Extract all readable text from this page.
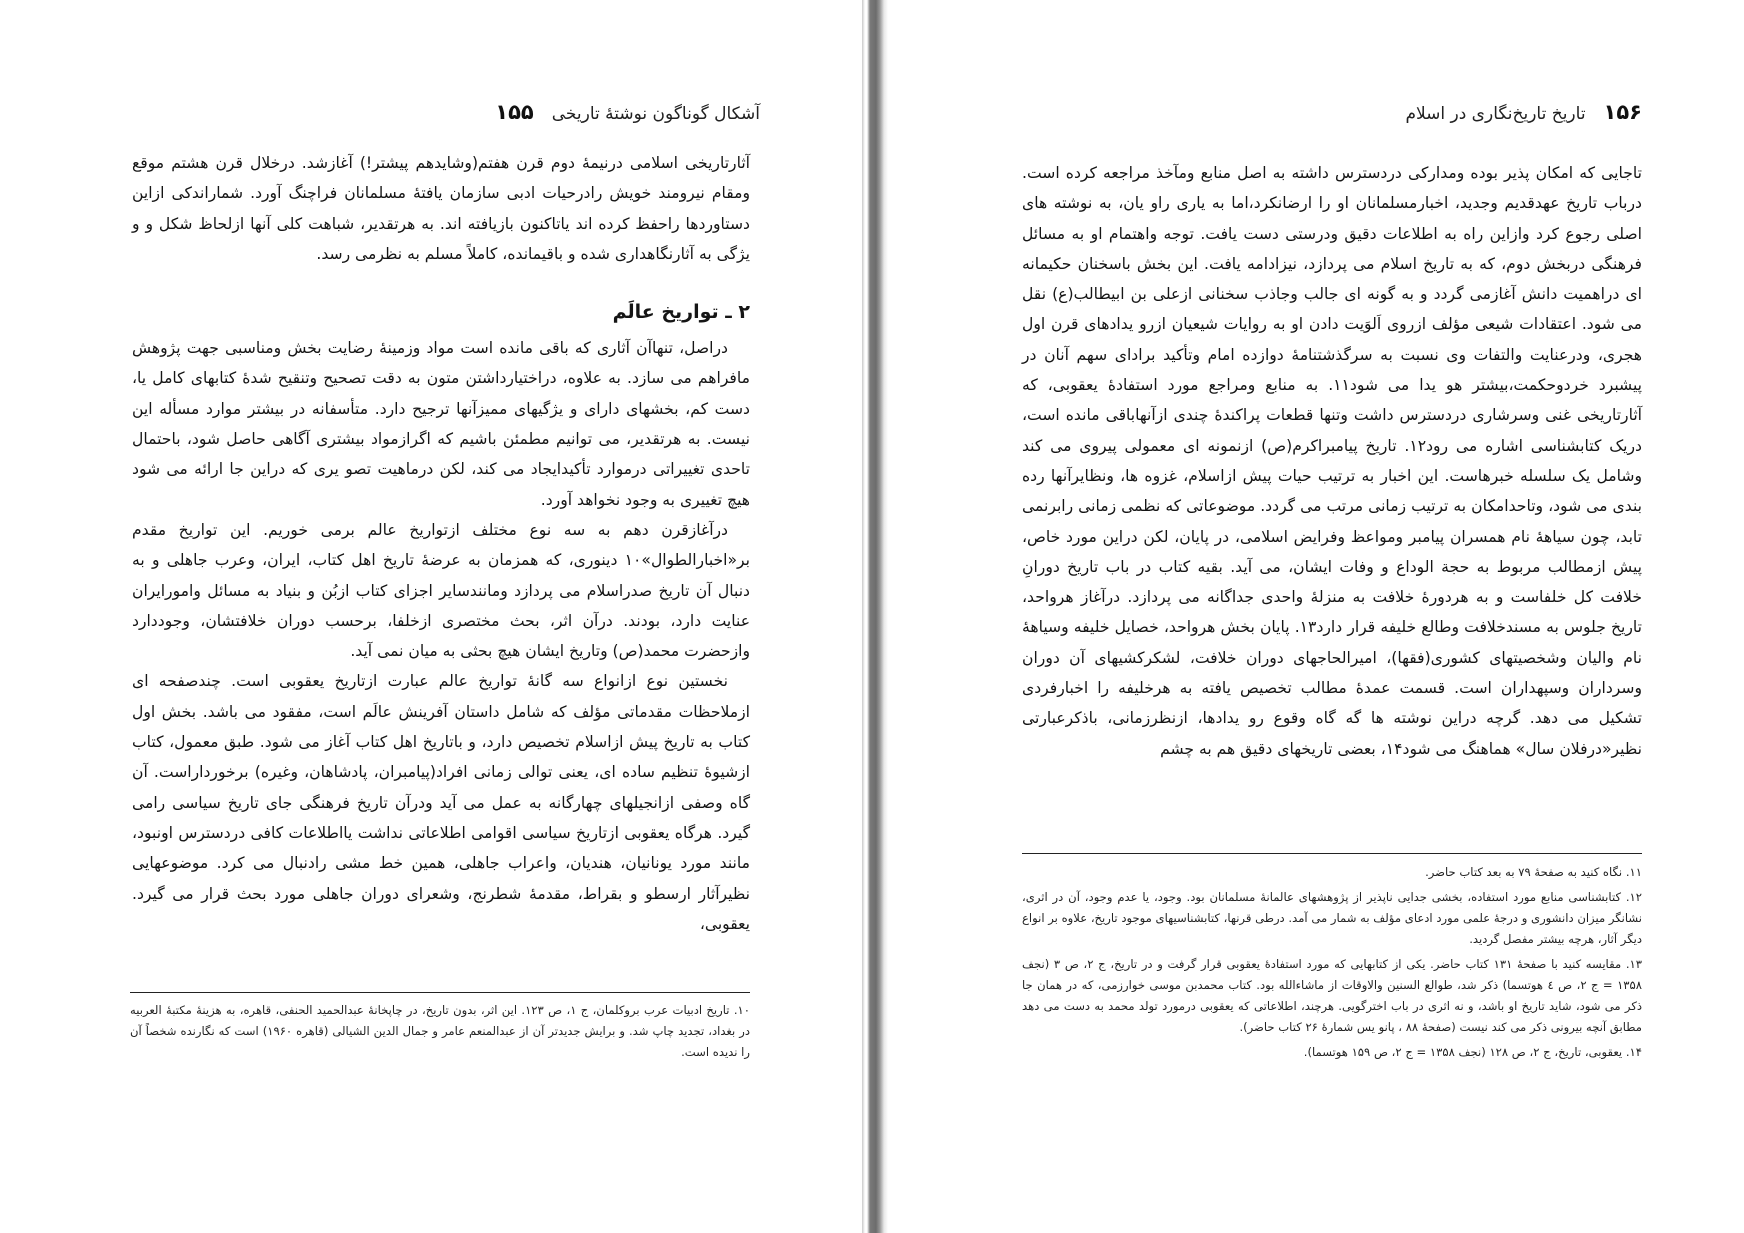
۱۵۵ آشکال گوناگون نوشتهٔ تاریخی

آثارتاریخی اسلامی درنیمهٔ دوم قرن هفتم(وشایدهم پیشتر!) آغازشد. درخلال قرن هشتم موقع ومقام نیرومند خویش رادرحیات ادبی سازمان یافتهٔ مسلمانان فراچنگ آورد. شماراندکی ازاین دستاوردها راحفظ کرده اند یاتاکنون بازیافته اند. به هرتقدیر، شباهت کلی آنها ازلحاظ شکل و و یژگی به آثارنگاهداری شده و باقیمانده، کاملاً مسلم به نظرمی رسد.

۲ ـ تواریخ عالَم

دراصل، تنهاآن آثاری که باقی مانده است مواد وزمینهٔ رضایت بخش ومناسبی جهت پژوهش مافراهم می سازد. به علاوه، دراختیارداشتن متون به دقت تصحیح وتنقیح شدهٔ کتابهای کامل یا، دست کم، بخشهای دارای و یژگیهای ممیزآنها ترجیح دارد. متأسفانه در بیشتر موارد مسأله این نیست. به هرتقدیر، می توانیم مطمئن باشیم که اگرازمواد بیشتری آگاهی حاصل شود، باحتمال تاحدی تغییراتی درموارد تأکیدایجاد می کند، لکن درماهیت تصو یری که دراین جا ارائه می شود هیچ تغییری به وجود نخواهد آورد.

درآغازقرن دهم به سه نوع مختلف ازتواریخ عالم برمی خوریم. این تواریخ مقدم بر«اخبارالطوال»۱۰ دینوری، که همزمان به عرضهٔ تاریخ اهل کتاب، ایران، وعرب جاهلی و به دنبال آن تاریخ صدراسلام می پردازد ومانندسایر اجزای کتاب ازبُن و بنیاد به مسائل وامورایران عنایت دارد، بودند. درآن اثر، بحث مختصری ازخلفا، برحسب دوران خلافتشان، وجوددارد وازحضرت محمد(ص) وتاریخ ایشان هیچ بحثی به میان نمی آید.

نخستین نوع ازانواع سه گانهٔ تواریخ عالم عبارت ازتاریخ یعقوبی است. چندصفحه ای ازملاحظات مقدماتی مؤلف که شامل داستان آفرینش عالَم است، مفقود می باشد. بخش اول کتاب به تاریخ پیش ازاسلام تخصیص دارد، و باتاریخ اهل کتاب آغاز می شود. طبق معمول، کتاب ازشیوهٔ تنظیم ساده ای، یعنی توالی زمانی افراد(پیامبران، پادشاهان، وغیره) برخورداراست. آن گاه وصفی ازانجیلهای چهارگانه به عمل می آید ودرآن تاریخ فرهنگی جای تاریخ سیاسی رامی گیرد. هرگاه یعقوبی ازتاریخ سیاسی اقوامی اطلاعاتی نداشت یااطلاعات کافی دردسترس اونبود، مانند مورد یونانیان، هندیان، واعراب جاهلی، همین خط مشی رادنبال می کرد. موضوعهایی نظیرآثار ارسطو و بقراط، مقدمهٔ شطرنج، وشعرای دوران جاهلی مورد بحث قرار می گیرد. یعقوبی،

۱۰. تاریخ ادبیات عرب بروکلمان، ج ۱، ص ۱۲۳. این اثر، بدون تاریخ، در چاپخانهٔ عبدالحمید الحنفی، قاهره، به هزینهٔ مکتبهٔ العربیه در بغداد، تجدید چاپ شد. و برایش جدیدتر آن از عبدالمنعم عامر و جمال الدین الشیالی (قاهره ۱۹۶۰) است که نگارنده شخصاً آن را ندیده است.

۱۵۶
تاریخ تاریخ‌نگاری در اسلام

تاجایی که امکان پذیر بوده ومدارکی دردسترس داشته به اصل منابع ومآخذ مراجعه کرده است. درباب تاریخ عهدقدیم وجدید، اخبارمسلمانان او را ارضانکرد،اما به یاری راو یان، به نوشته های اصلی رجوع کرد وازاین راه به اطلاعات دقیق ودرستی دست یافت. توجه واهتمام او به مسائل فرهنگی دربخش دوم، که به تاریخ اسلام می پردازد، نیزادامه یافت. این بخش باسخنان حکیمانه ای دراهمیت دانش آغازمی گردد و به گونه ای جالب وجاذب سخنانی ازعلی بن ابیطالب(ع) نقل می شود. اعتقادات شیعی مؤلف ازروی اَلوَیت دادن او به روایات شیعیان ازرو یدادهای قرن اول هجری، ودرعنایت والتفات وی نسبت به سرگذشتنامهٔ دوازده امام وتأکید برادای سهم آنان در پیشبرد خردوحکمت،بیشتر هو یدا می شود۱۱. به منابع ومراجع مورد استفادهٔ یعقوبی، که آثارتاریخی غنی وسرشاری دردسترس داشت وتنها قطعات پراکندهٔ چندی ازآنهاباقی مانده است، دریک کتابشناسی اشاره می رود۱۲. تاریخ پیامبراکرم(ص) ازنمونه ای معمولی پیروی می کند وشامل یک سلسله خبرهاست. این اخبار به ترتیب حیات پیش ازاسلام، غزوه ها، ونظایرآنها رده بندی می شود، وتاحدامکان به ترتیب زمانی مرتب می گردد. موضوعاتی که نظمی زمانی رابرنمی تابد، چون سیاههٔ نام همسران پیامبر ومواعظ وفرایض اسلامی، در پایان، لکن دراین مورد خاص، پیش ازمطالب مربوط به حجة الوداع و وفات ایشان، می آید. بقیه کتاب در باب تاریخ دورانِ خلافت کل خلفاست و به هردورهٔ خلافت به منزلهٔ واحدی جداگانه می پردازد. درآغاز هرواحد، تاریخ جلوس به مسندخلافت وطالع خلیفه قرار دارد۱۳. پایان بخش هرواحد، خصایل خلیفه وسیاههٔ نام والیان وشخصیتهای کشوری(فقها)، امیرالحاجهای دوران خلافت، لشکرکشیهای آن دوران وسرداران وسپهداران است. قسمت عمدهٔ مطالب تخصیص یافته به هرخلیفه را اخبارفردی تشکیل می دهد. گرچه دراین نوشته ها گه گاه وقوع رو یدادها، ازنظرزمانی، باذکرعبارتی نظیر«درفلان سال» هماهنگ می شود۱۴، بعضی تاریخهای دقیق هم به چشم

۱۱. نگاه کنید به صفحهٔ ۷۹ به بعد کتاب حاضر.

۱۲. کتابشناسی منابع مورد استفاده، بخشی جدایی ناپذیر از پژوهشهای عالمانهٔ مسلمانان بود. وجود، یا عدم وجود، آن در اثری، نشانگر میزان دانشوری و درجهٔ علمی مورد ادعای مؤلف به شمار می آمد. درطی قرنها، کتابشناسیهای موجود تاریخ، علاوه بر انواع دیگر آثار، هرچه بیشتر مفصل گردید.

۱۳. مقایسه کنید با صفحهٔ ۱۳۱ کتاب حاضر. یکی از کتابهایی که مورد استفادهٔ یعقوبی قرار گرفت و در تاریخ، ج ۲، ص ۳ (نجف ۱۳۵۸ = ج ۲، ص ٤ هوتسما) ذکر شد، طوالع السنین والاوقات از ماشاءالله بود. کتاب محمدبن موسی خوارزمی، که در همان جا ذکر می شود، شاید تاریخ او باشد، و نه اثری در باب اخترگویی. هرچند، اطلاعاتی که یعقوبی درمورد تولد محمد به دست می دهد مطابق آنچه بیرونی ذکر می کند نیست (صفحهٔ ۸۸ ، پانو یس شمارهٔ ۲۶ کتاب حاضر).

۱۴. یعقوبی، تاریخ، ج ۲، ص ۱۲۸ (نجف ۱۳۵۸ = ج ۲، ص ۱۵۹ هوتسما).
